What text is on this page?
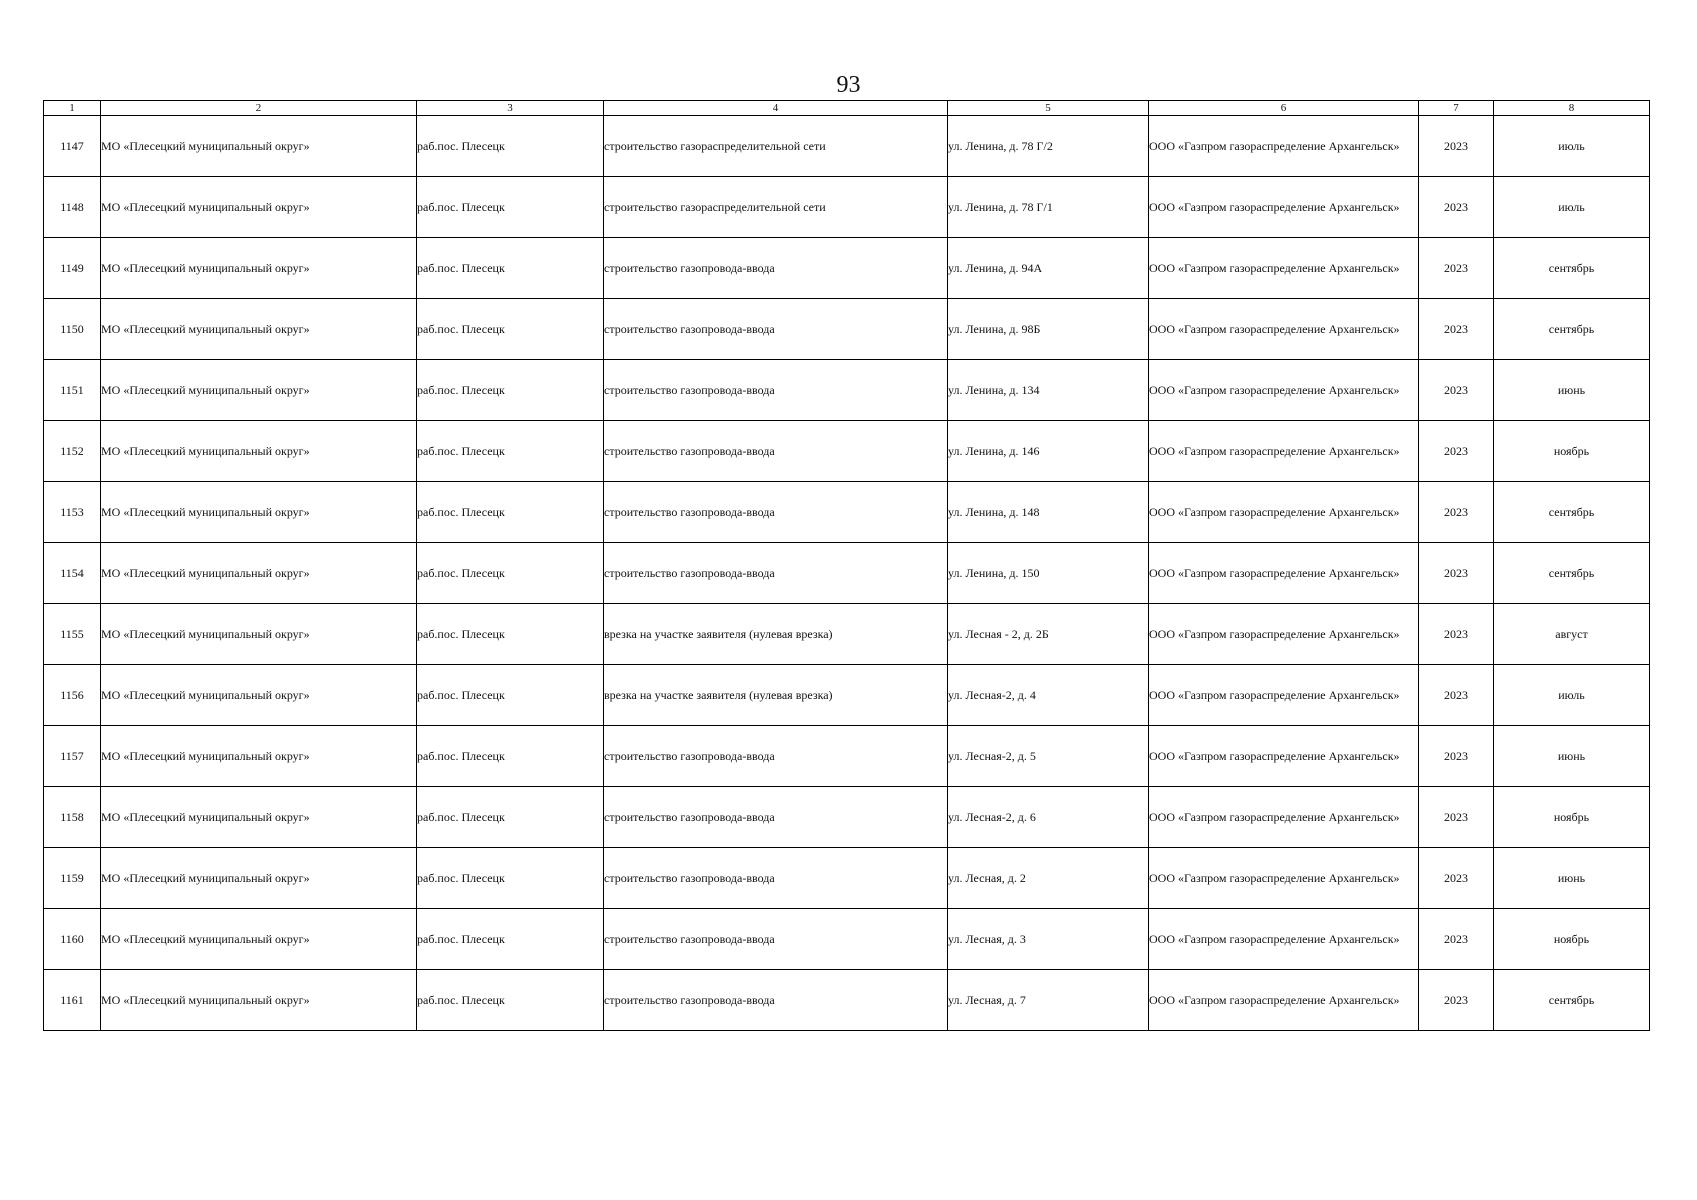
93
1	2	3	4	5	6	7	8
1147	МО «Плесецкий муниципальный округ»	раб.пос. Плесецк	строительство газораспределительной сети	ул. Ленина, д. 78 Г/2	ООО «Газпром газораспределение Архангельск»	2023	июль
1148	МО «Плесецкий муниципальный округ»	раб.пос. Плесецк	строительство газораспределительной сети	ул. Ленина, д. 78 Г/1	ООО «Газпром газораспределение Архангельск»	2023	июль
1149	МО «Плесецкий муниципальный округ»	раб.пос. Плесецк	строительство газопровода-ввода	ул. Ленина, д. 94А	ООО «Газпром газораспределение Архангельск»	2023	сентябрь
1150	МО «Плесецкий муниципальный округ»	раб.пос. Плесецк	строительство газопровода-ввода	ул. Ленина, д. 98Б	ООО «Газпром газораспределение Архангельск»	2023	сентябрь
1151	МО «Плесецкий муниципальный округ»	раб.пос. Плесецк	строительство газопровода-ввода	ул. Ленина, д. 134	ООО «Газпром газораспределение Архангельск»	2023	июнь
1152	МО «Плесецкий муниципальный округ»	раб.пос. Плесецк	строительство газопровода-ввода	ул. Ленина, д. 146	ООО «Газпром газораспределение Архангельск»	2023	ноябрь
1153	МО «Плесецкий муниципальный округ»	раб.пос. Плесецк	строительство газопровода-ввода	ул. Ленина, д. 148	ООО «Газпром газораспределение Архангельск»	2023	сентябрь
1154	МО «Плесецкий муниципальный округ»	раб.пос. Плесецк	строительство газопровода-ввода	ул. Ленина, д. 150	ООО «Газпром газораспределение Архангельск»	2023	сентябрь
1155	МО «Плесецкий муниципальный округ»	раб.пос. Плесецк	врезка на участке заявителя (нулевая врезка)	ул. Лесная - 2, д. 2Б	ООО «Газпром газораспределение Архангельск»	2023	август
1156	МО «Плесецкий муниципальный округ»	раб.пос. Плесецк	врезка на участке заявителя (нулевая врезка)	ул. Лесная-2, д. 4	ООО «Газпром газораспределение Архангельск»	2023	июль
1157	МО «Плесецкий муниципальный округ»	раб.пос. Плесецк	строительство газопровода-ввода	ул. Лесная-2, д. 5	ООО «Газпром газораспределение Архангельск»	2023	июнь
1158	МО «Плесецкий муниципальный округ»	раб.пос. Плесецк	строительство газопровода-ввода	ул. Лесная-2, д. 6	ООО «Газпром газораспределение Архангельск»	2023	ноябрь
1159	МО «Плесецкий муниципальный округ»	раб.пос. Плесецк	строительство газопровода-ввода	ул. Лесная, д. 2	ООО «Газпром газораспределение Архангельск»	2023	июнь
1160	МО «Плесецкий муниципальный округ»	раб.пос. Плесецк	строительство газопровода-ввода	ул. Лесная, д. 3	ООО «Газпром газораспределение Архангельск»	2023	ноябрь
1161	МО «Плесецкий муниципальный округ»	раб.пос. Плесецк	строительство газопровода-ввода	ул. Лесная, д. 7	ООО «Газпром газораспределение Архангельск»	2023	сентябрь
